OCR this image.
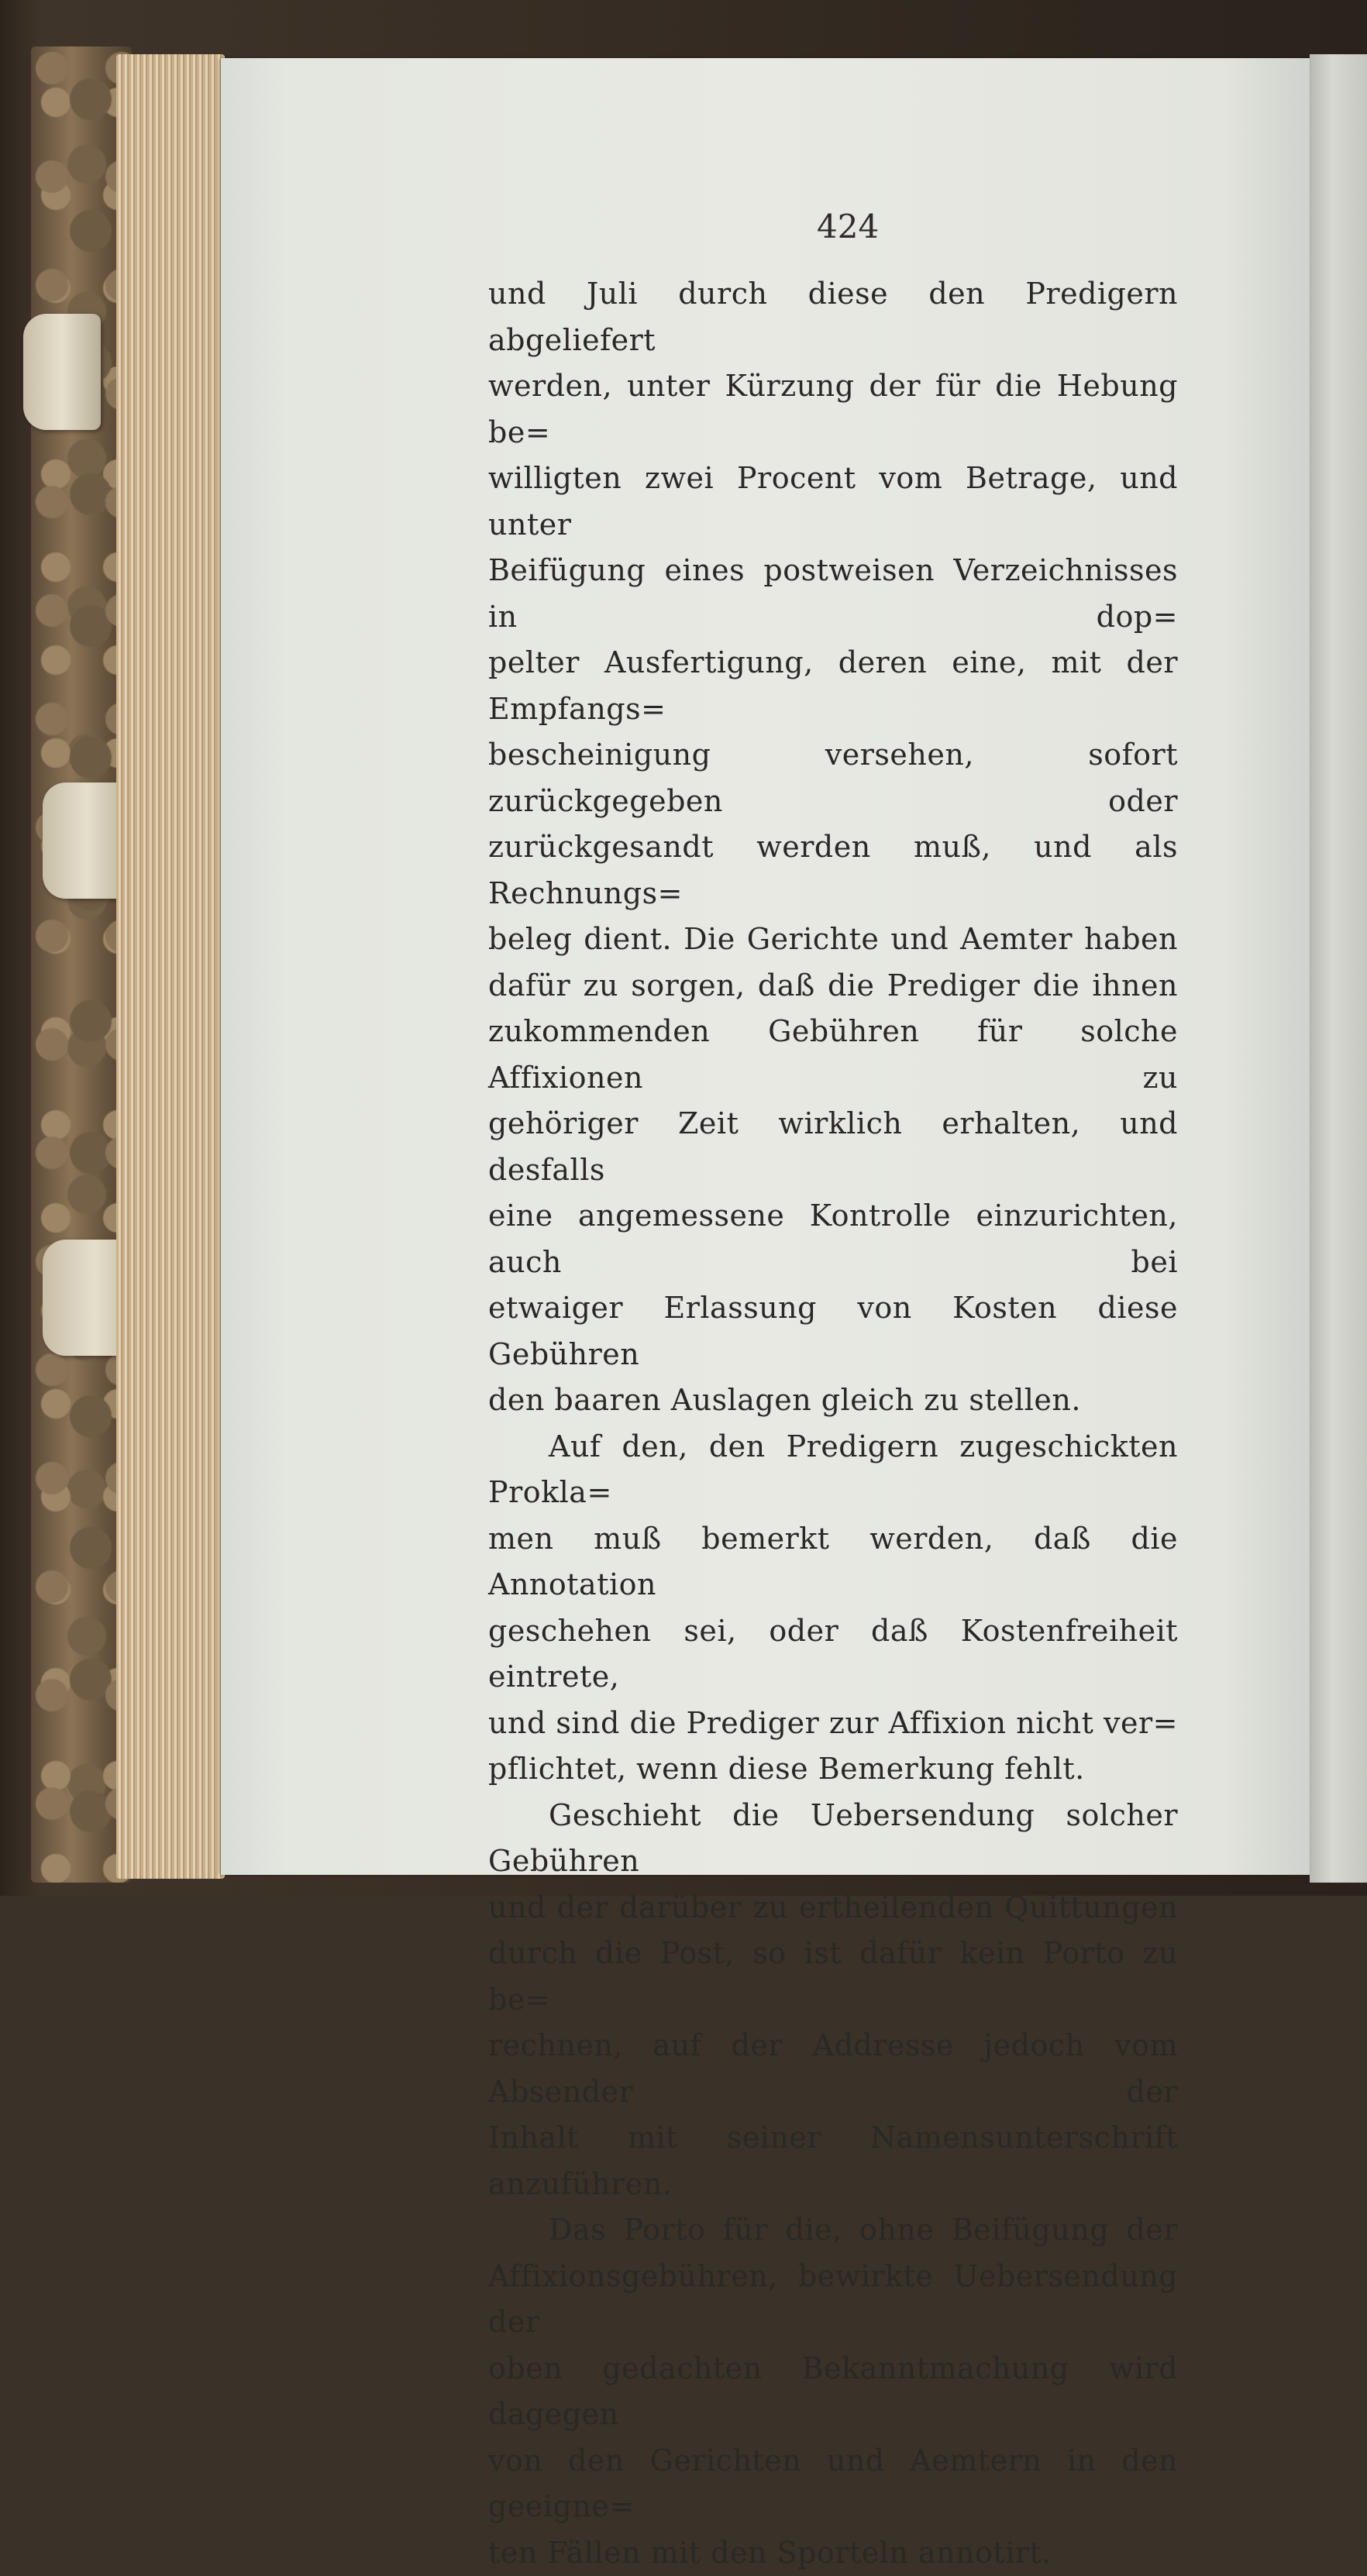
424
und Juli durch diese den Predigern abgeliefert
werden, unter Kürzung der für die Hebung be=
willigten zwei Procent vom Betrage, und unter
Beifügung eines postweisen Verzeichnisses in dop=
pelter Ausfertigung, deren eine, mit der Empfangs=
bescheinigung versehen, sofort zurückgegeben oder
zurückgesandt werden muß, und als Rechnungs=
beleg dient. Die Gerichte und Aemter haben
dafür zu sorgen, daß die Prediger die ihnen
zukommenden Gebühren für solche Affixionen zu
gehöriger Zeit wirklich erhalten, und desfalls
eine angemessene Kontrolle einzurichten, auch bei
etwaiger Erlassung von Kosten diese Gebühren
den baaren Auslagen gleich zu stellen.
Auf den, den Predigern zugeschickten Prokla=
men muß bemerkt werden, daß die Annotation
geschehen sei, oder daß Kostenfreiheit eintrete,
und sind die Prediger zur Affixion nicht ver=
pflichtet, wenn diese Bemerkung fehlt.
Geschieht die Uebersendung solcher Gebühren
und der darüber zu ertheilenden Quittungen
durch die Post, so ist dafür kein Porto zu be=
rechnen, auf der Addresse jedoch vom Absender der
Inhalt mit seiner Namensunterschrift anzuführen.
Das Porto für die, ohne Beifügung der
Affixionsgebühren, bewirkte Uebersendung der
oben gedachten Bekanntmachung wird dagegen
von den Gerichten und Aemtern in den geeigne=
ten Fällen mit den Sporteln annotirt.
